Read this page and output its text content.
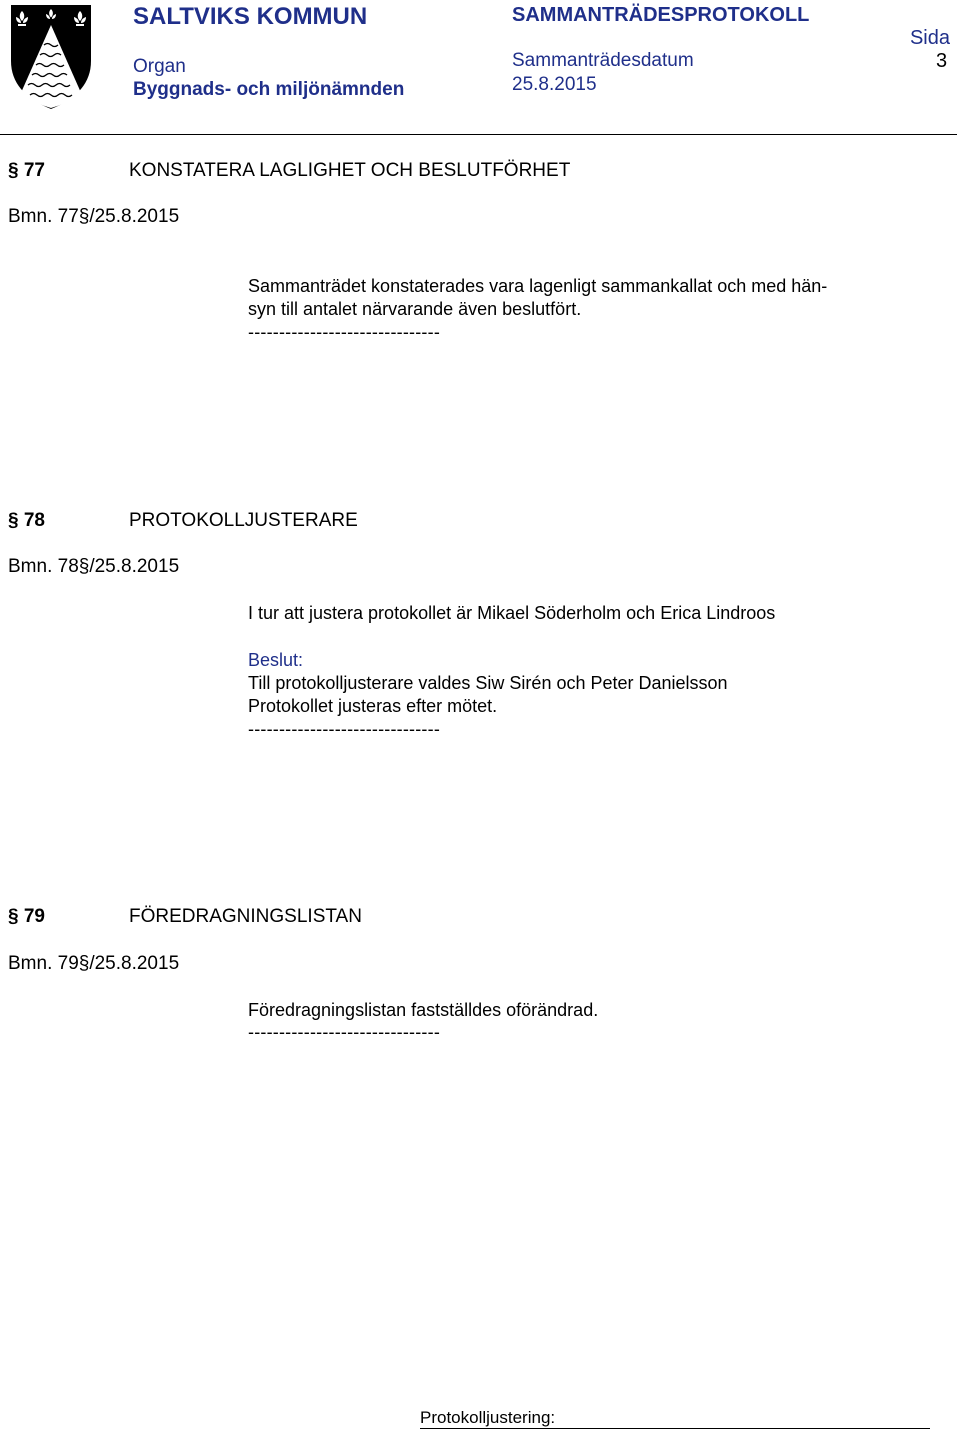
SALTVIKS KOMMUN	SAMMANTRÄDESPROTOKOLL
Sida
3
Organ
Byggnads- och miljönämnden
Sammanträdesdatum
25.8.2015
§ 77	KONSTATERA LAGLIGHET OCH BESLUTFÖRHET
Bmn. 77§/25.8.2015
Sammanträdet konstaterades vara lagenligt sammankallat och med hän-
syn till antalet närvarande även beslutfört.
-------------------------------
§ 78	PROTOKOLLJUSTERARE
Bmn. 78§/25.8.2015
I tur att justera protokollet är Mikael Söderholm och Erica Lindroos
Beslut:
Till protokolljusterare valdes Siw Sirén och Peter Danielsson
Protokollet justeras efter mötet.
-------------------------------
§ 79	FÖREDRAGNINGSLISTAN
Bmn. 79§/25.8.2015
Föredragningslistan fastställdes oförändrad.
-------------------------------
Protokolljustering:
